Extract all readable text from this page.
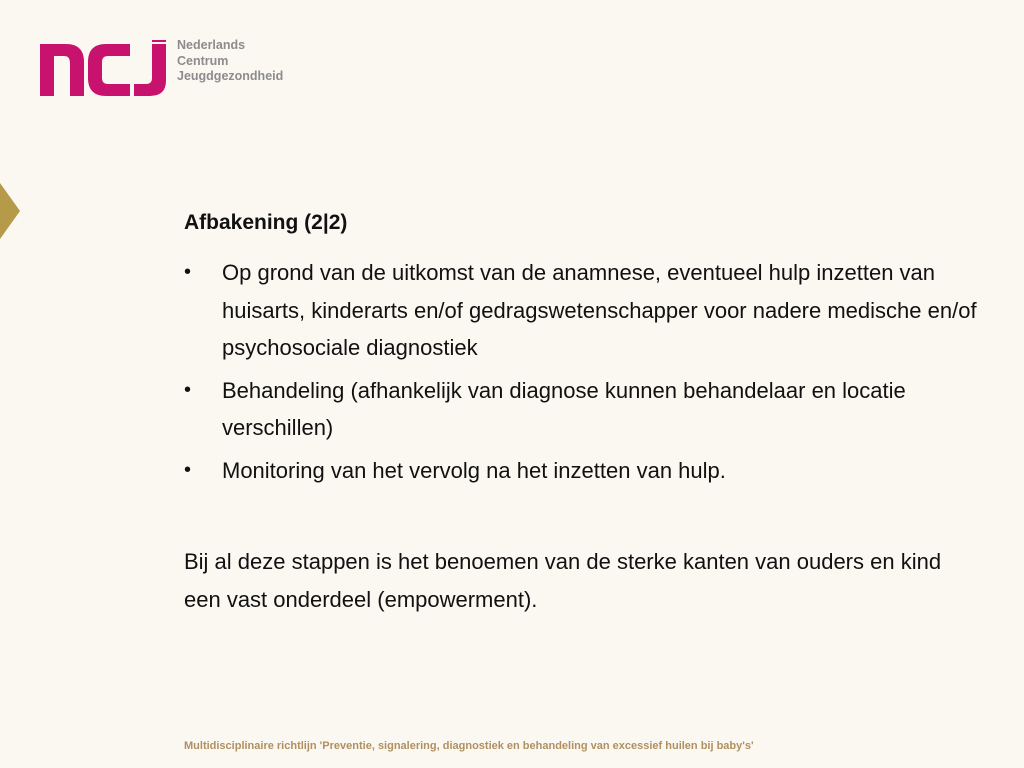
Nederlands
Centrum
Jeugdgezondheid
Afbakening (2|2)
• Op grond van de uitkomst van de anamnese, eventueel hulp inzetten van huisarts, kinderarts en/of gedragswetenschapper voor nadere medische en/of psychosociale diagnostiek
• Behandeling (afhankelijk van diagnose kunnen behandelaar en locatie verschillen)
• Monitoring van het vervolg na het inzetten van hulp.
Bij al deze stappen is het benoemen van de sterke kanten van ouders en kind een vast onderdeel (empowerment).
Multidisciplinaire richtlijn 'Preventie, signalering, diagnostiek en behandeling van excessief huilen bij baby's'
